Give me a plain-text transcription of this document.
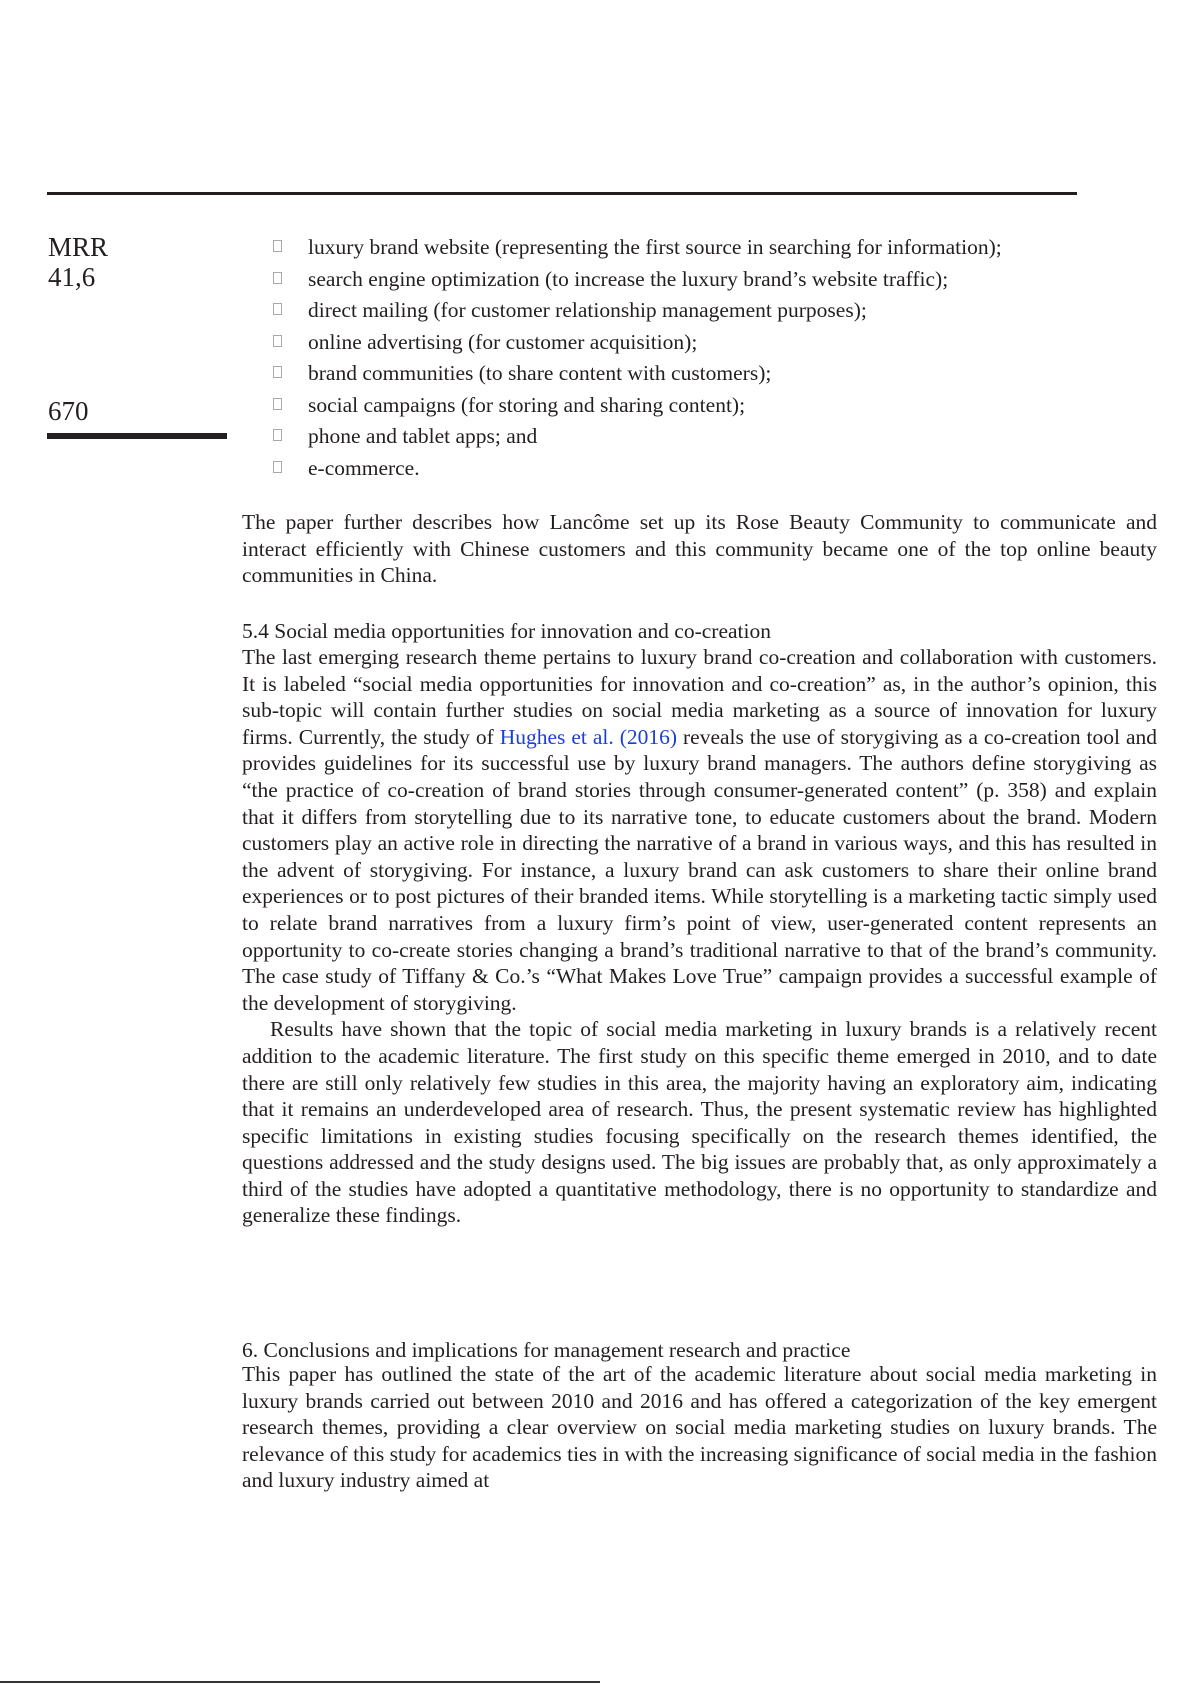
MRR
41,6
670
luxury brand website (representing the first source in searching for information);
search engine optimization (to increase the luxury brand’s website traffic);
direct mailing (for customer relationship management purposes);
online advertising (for customer acquisition);
brand communities (to share content with customers);
social campaigns (for storing and sharing content);
phone and tablet apps; and
e-commerce.

The paper further describes how Lancôme set up its Rose Beauty Community to communicate and interact efficiently with Chinese customers and this community became one of the top online beauty communities in China.

5.4 Social media opportunities for innovation and co-creation

The last emerging research theme pertains to luxury brand co-creation and collaboration with customers. It is labeled “social media opportunities for innovation and co-creation” as, in the author’s opinion, this sub-topic will contain further studies on social media marketing as a source of innovation for luxury firms. Currently, the study of Hughes et al. (2016) reveals the use of storygiving as a co-creation tool and provides guidelines for its successful use by luxury brand managers. The authors define storygiving as “the practice of co-creation of brand stories through consumer-generated content” (p. 358) and explain that it differs from storytelling due to its narrative tone, to educate customers about the brand. Modern customers play an active role in directing the narrative of a brand in various ways, and this has resulted in the advent of storygiving. For instance, a luxury brand can ask customers to share their online brand experiences or to post pictures of their branded items. While storytelling is a marketing tactic simply used to relate brand narratives from a luxury firm’s point of view, user-generated content represents an opportunity to co-create stories changing a brand’s traditional narrative to that of the brand’s community. The case study of Tiffany & Co.’s “What Makes Love True” campaign provides a successful example of the development of storygiving.

Results have shown that the topic of social media marketing in luxury brands is a relatively recent addition to the academic literature. The first study on this specific theme emerged in 2010, and to date there are still only relatively few studies in this area, the majority having an exploratory aim, indicating that it remains an underdeveloped area of research. Thus, the present systematic review has highlighted specific limitations in existing studies focusing specifically on the research themes identified, the questions addressed and the study designs used. The big issues are probably that, as only approximately a third of the studies have adopted a quantitative methodology, there is no opportunity to standardize and generalize these findings.

6. Conclusions and implications for management research and practice

This paper has outlined the state of the art of the academic literature about social media marketing in luxury brands carried out between 2010 and 2016 and has offered a categorization of the key emergent research themes, providing a clear overview on social media marketing studies on luxury brands. The relevance of this study for academics ties in with the increasing significance of social media in the fashion and luxury industry aimed at
